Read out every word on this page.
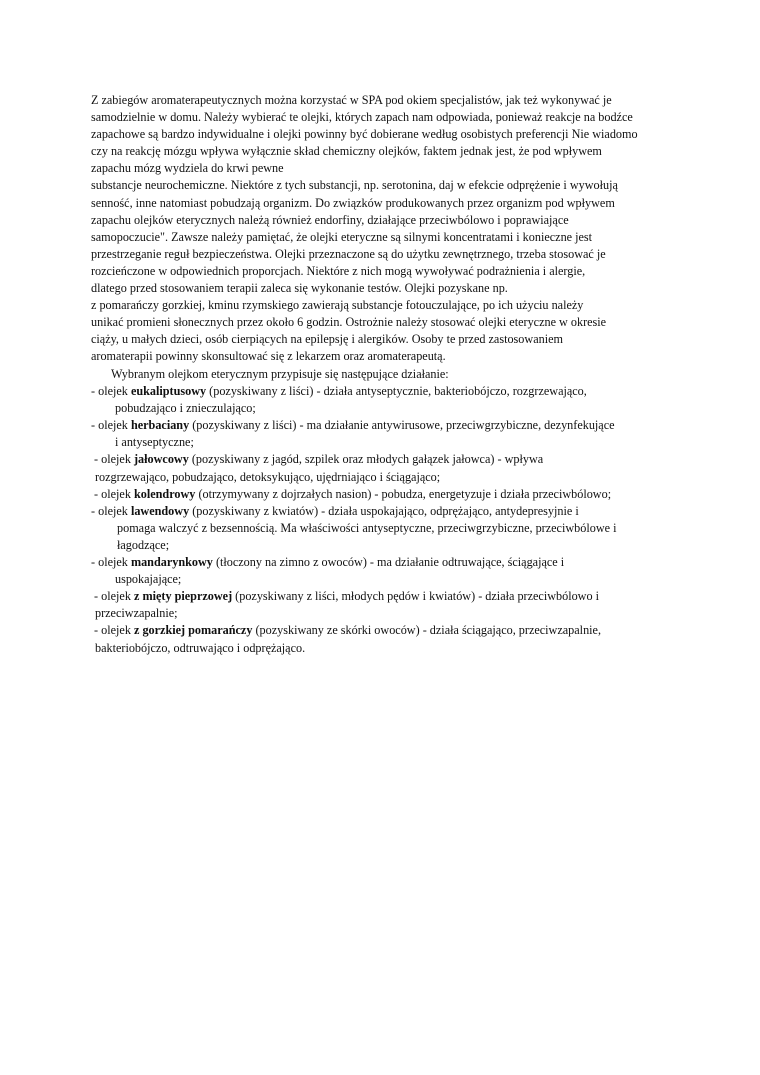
Z zabiegów aromaterapeutycznych można korzystać w SPA pod okiem specjalistów, jak też wykonywać je
samodzielnie w domu. Należy wybierać te olejki, których zapach nam odpowiada, ponieważ reakcje na bodźce
zapachowe są bardzo indywidualne i olejki powinny być dobierane według osobistych preferencji Nie wiadomo
czy na reakcję mózgu wpływa wyłącznie skład chemiczny olejków, faktem jednak jest, że pod wpływem
zapachu mózg wydziela do krwi pewne
substancje neurochemiczne. Niektóre z tych substancji, np. serotonina, daj w efekcie odprężenie i wywołują
senność, inne natomiast pobudzają organizm. Do związków produkowanych przez organizm pod wpływem
zapachu olejków eterycznych należą również endorfiny, działające przeciwbólowo i poprawiające
samopoczucie". Zawsze należy pamiętać, że olejki eteryczne są silnymi koncentratami i konieczne jest
przestrzeganie reguł bezpieczeństwa. Olejki przeznaczone są do użytku zewnętrznego, trzeba stosować je
rozcieńczone w odpowiednich proporcjach. Niektóre z nich mogą wywoływać podrażnienia i alergie,
dlatego przed stosowaniem terapii zaleca się wykonanie testów. Olejki pozyskane np.
z pomarańczy gorzkiej, kminu rzymskiego zawierają substancje fotouczulające, po ich użyciu należy
unikać promieni słonecznych przez około 6 godzin. Ostrożnie należy stosować olejki eteryczne w okresie
ciąży, u małych dzieci, osób cierpiących na epilepsję i alergików. Osoby te przed zastosowaniem
aromaterapii powinny skonsultować się z lekarzem oraz aromaterapeutą.
Wybranym olejkom eterycznym przypisuje się następujące działanie:
- olejek eukaliptusowy (pozyskiwany z liści) - działa antyseptycznie, bakteriobójczo, rozgrzewająco,
pobudzająco i znieczulająco;
- olejek herbaciany (pozyskiwany z liści) - ma działanie antywirusowe, przeciwgrzybiczne, dezynfekujące
i antyseptyczne;
- olejek jałowcowy (pozyskiwany z jagód, szpilek oraz młodych gałązek jałowca) - wpływa
rozgrzewająco, pobudzająco, detoksykująco, ujędrniająco i ściągająco;
- olejek kolendrowy (otrzymywany z dojrzałych nasion) - pobudza, energetyzuje i działa przeciwbólowo;
- olejek lawendowy (pozyskiwany z kwiatów) - działa uspokajająco, odprężająco, antydepresyjnie i
pomaga walczyć z bezsennością. Ma właściwości antyseptyczne, przeciwgrzybiczne, przeciwbólowe i
łagodzące;
- olejek mandarynkowy (tłoczony na zimno z owoców) - ma działanie odtruwające, ściągające i
uspokajające;
- olejek z mięty pieprzowej (pozyskiwany z liści, młodych pędów i kwiatów) - działa przeciwbólowo i
przeciwzapalnie;
- olejek z gorzkiej pomarańczy (pozyskiwany ze skórki owoców) - działa ściągająco, przeciwzapalnie,
bakteriobójczo, odtruwająco i odprężająco.
